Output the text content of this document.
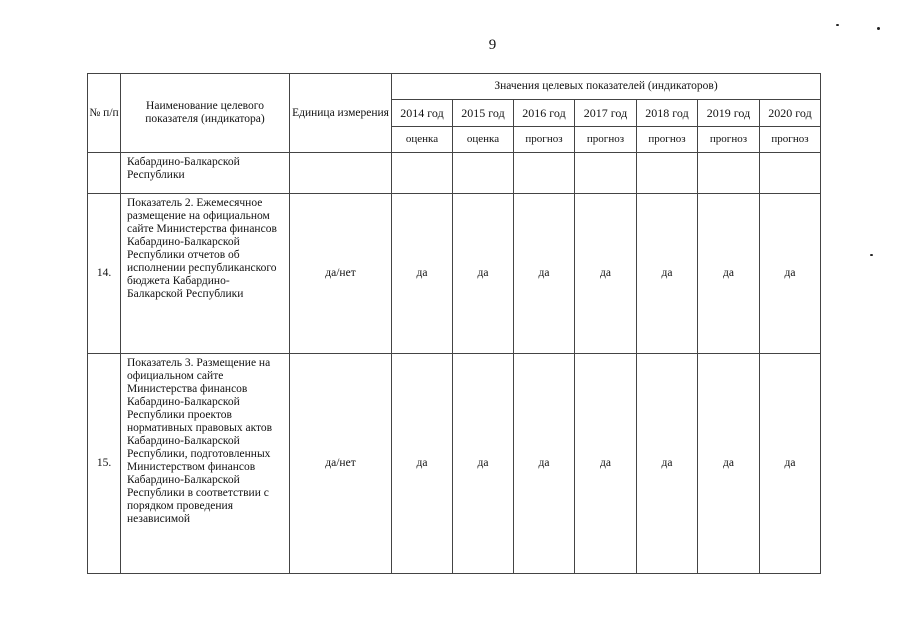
9
№ п/п	Наименование целевого показателя (индикатора)	Единица измерения	Значения целевых показателей (индикаторов)						
			2014 год	2015 год	2016 год	2017 год	2018 год	2019 год	2020 год
			оценка	оценка	прогноз	прогноз	прогноз	прогноз	прогноз
	Кабардино-Балкарской Республики								
14.	Показатель 2. Ежемесячное размещение на официальном сайте Министерства финансов Кабардино-Балкарской Республики отчетов об исполнении республиканского бюджета Кабардино-Балкарской Республики	да/нет	да	да	да	да	да	да	да
15.	Показатель 3. Размещение на официальном сайте Министерства финансов Кабардино-Балкарской Республики проектов нормативных правовых актов Кабардино-Балкарской Республики, подготовленных Министерством финансов Кабардино-Балкарской Республики в соответствии с порядком проведения независимой	да/нет	да	да	да	да	да	да	да
